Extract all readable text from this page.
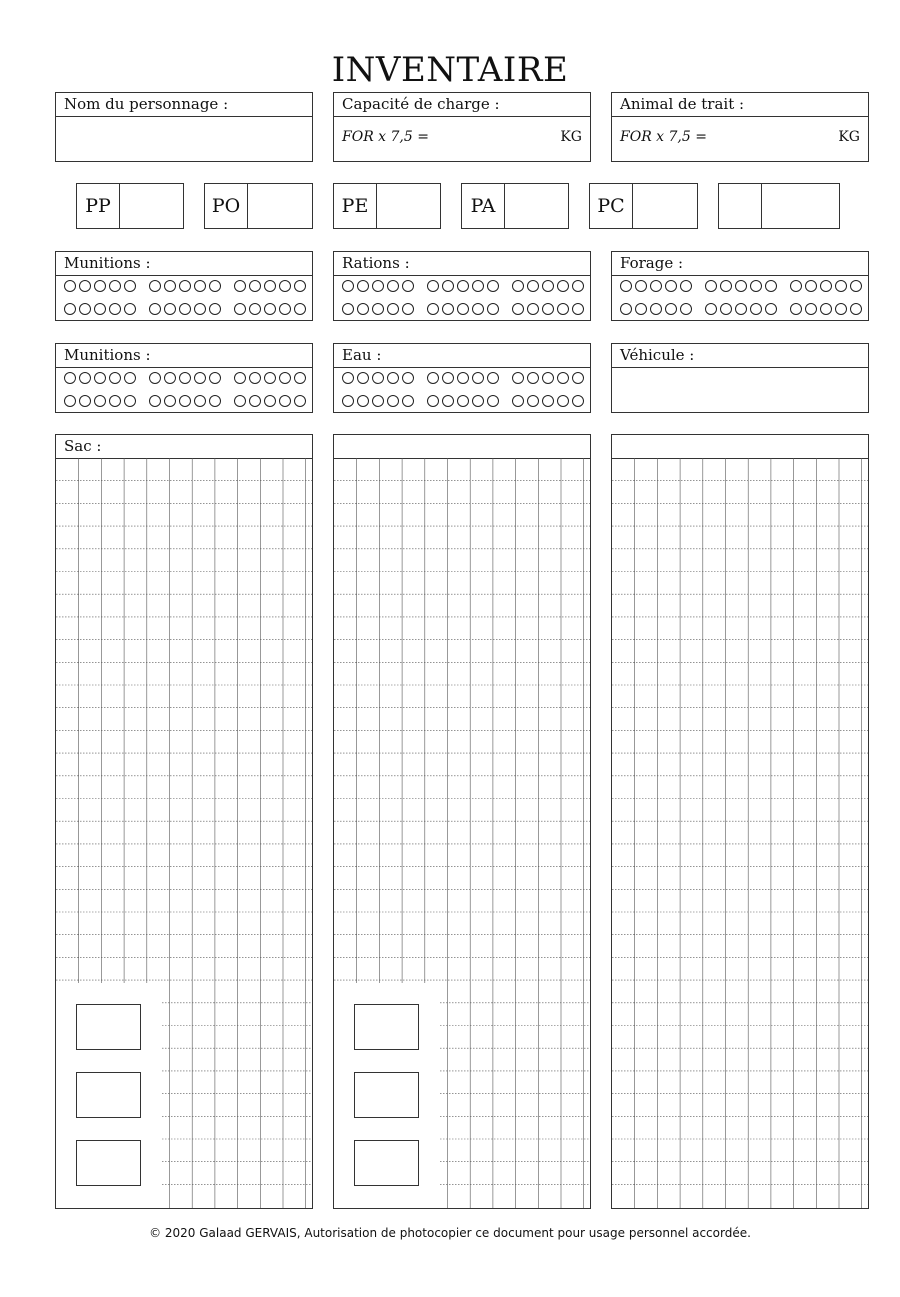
INVENTAIRE
Nom du personnage :	Capacité de charge :
FOR x 7,5 =	KG
Animal de trait :
FOR x 7,5 =	KG
PP	PO	PE	PA	PC
Munitions :	Rations :	Forage :
Munitions :	Eau :	Véhicule :
Sac :
© 2020 Galaad GERVAIS, Autorisation de photocopier ce document pour usage personnel accordée.
